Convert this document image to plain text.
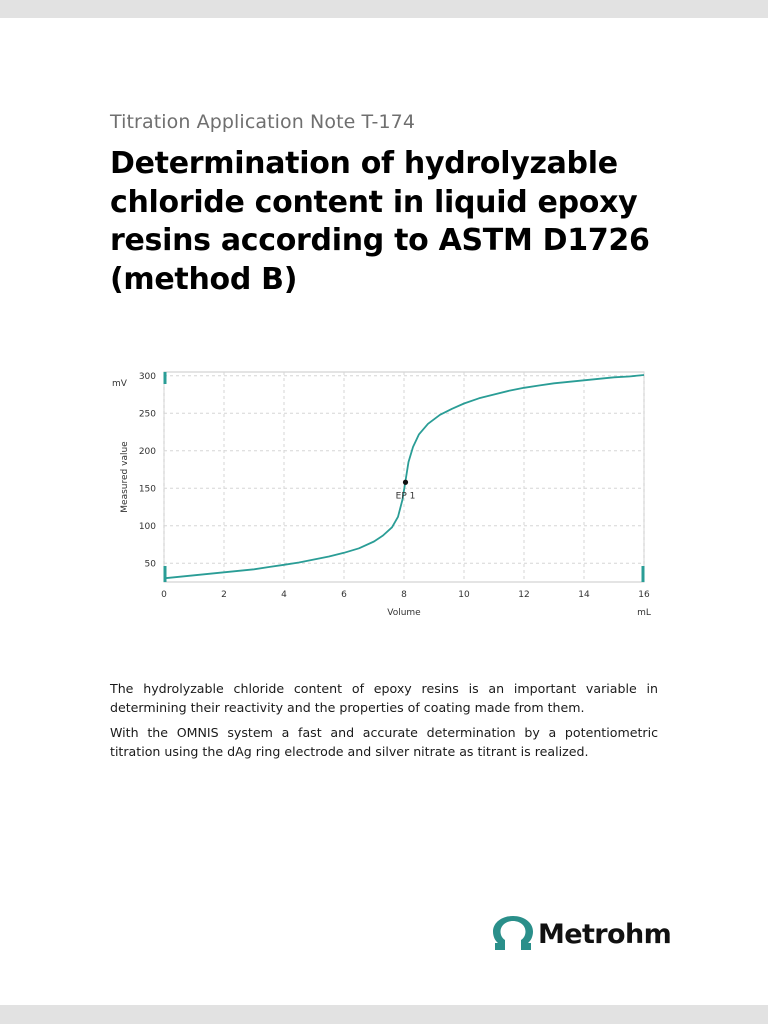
Titration Application Note T-174
Determination of hydrolyzable chloride content in liquid epoxy resins according to ASTM D1726 (method B)
0	2	4	6	8	10	12	14	16
50
100
150
200
250
300
mV
mL
Volume
Measured value	EP 1

The hydrolyzable chloride content of epoxy resins is an important variable in determining their reactivity and the properties of coating made from them.

With the OMNIS system a fast and accurate determination by a potentiometric titration using the dAg ring electrode and silver nitrate as titrant is realized.

Metrohm
